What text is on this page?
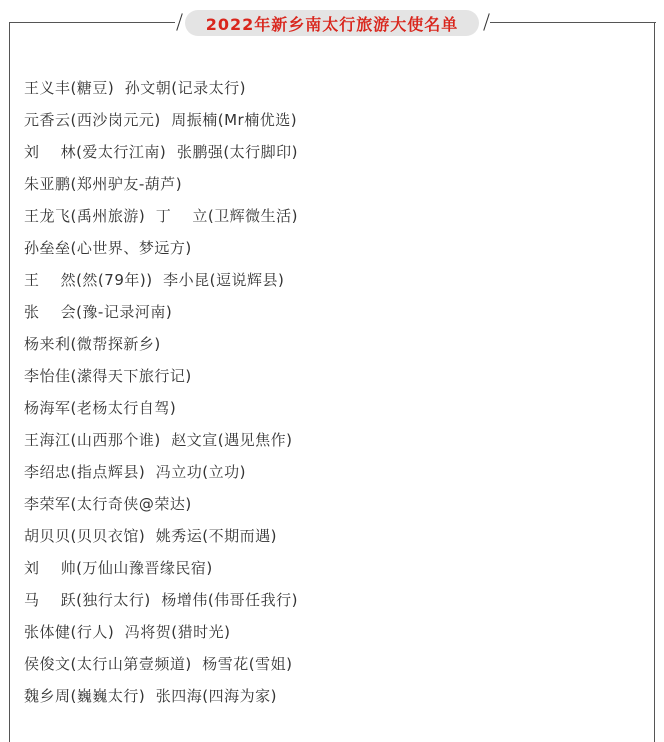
2022年新乡南太行旅游大使名单
王义丰(糖豆)  孙文朝(记录太行)
元香云(西沙岗元元)  周振楠(Mr楠优选)
刘    林(爱太行江南)  张鹏强(太行脚印)
朱亚鹏(郑州驴友-葫芦)
王龙飞(禹州旅游)  丁    立(卫辉微生活)
孙垒垒(心世界、梦远方)
王    然(然(79年))  李小昆(逗说辉县)
张    会(豫-记录河南)
杨来利(微帮探新乡)
李怡佳(潆得天下旅行记)
杨海军(老杨太行自驾)
王海江(山西那个谁)  赵文宣(遇见焦作)
李绍忠(指点辉县)  冯立功(立功)
李荣军(太行奇侠@荣达)
胡贝贝(贝贝衣馆)  姚秀运(不期而遇)
刘    帅(万仙山豫晋缘民宿)
马    跃(独行太行)  杨增伟(伟哥任我行)
张体健(行人)  冯将贺(猎时光)
侯俊文(太行山第壹频道)  杨雪花(雪姐)
魏乡周(巍巍太行)  张四海(四海为家)
